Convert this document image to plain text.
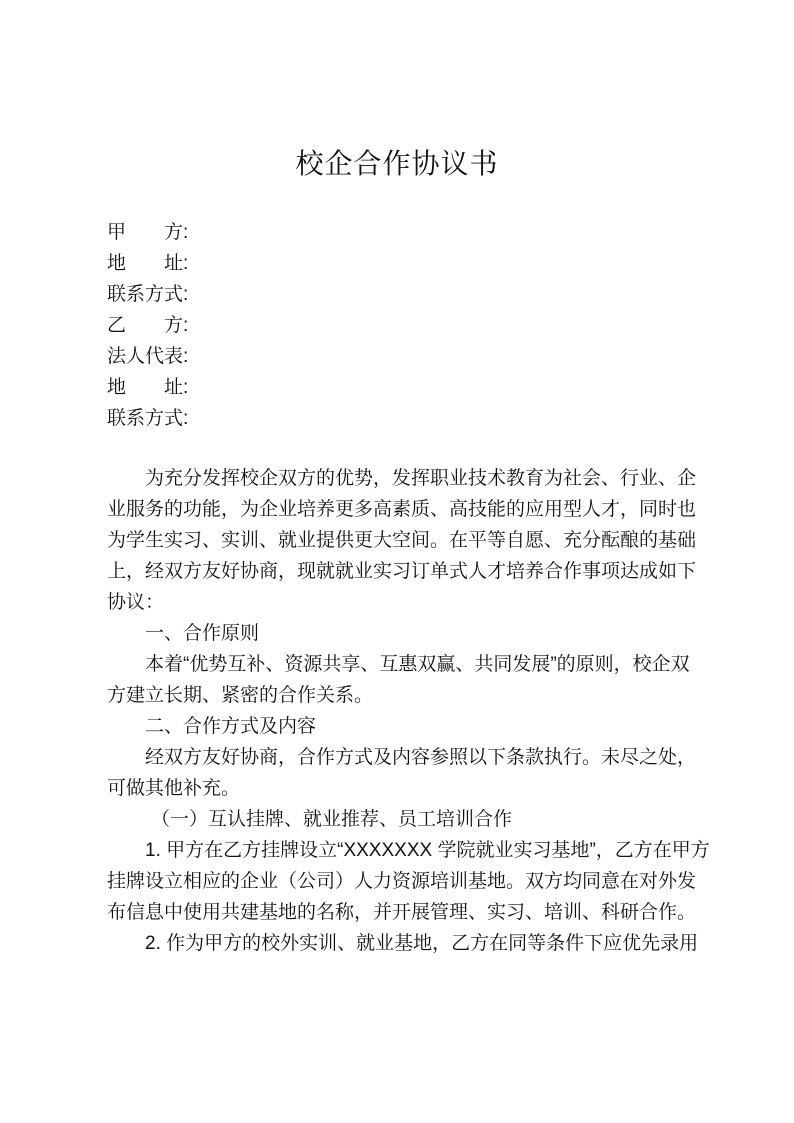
校企合作协议书
甲方 :
地址 :
联系方式 :
乙方 :
法人代表 :
地址 :
联系方式 :
为充分发挥校企双方的优势，发挥职业技术教育为社会、行业、企
业服务的功能，为企业培养更多高素质、高技能的应用型人才，同时也
为学生实习、实训、就业提供更大空间。在平等自愿、充分酝酿的基础
上，经双方友好协商，现就就业实习订单式人才培养合作事项达成如下
协议：
一、合作原则
本着“优势互补、资源共享、互惠双赢、共同发展”的原则，校企双
方建立长期、紧密的合作关系。
二、合作方式及内容
经双方友好协商，合作方式及内容参照以下条款执行。未尽之处，
可做其他补充。
（一）互认挂牌、就业推荐、员工培训合作
1. 甲方在乙方挂牌设立“XXXXXXX 学院就业实习基地”，乙方在甲方
挂牌设立相应的企业（公司）人力资源培训基地。双方均同意在对外发
布信息中使用共建基地的名称，并开展管理、实习、培训、科研合作。
2. 作为甲方的校外实训、就业基地，乙方在同等条件下应优先录用
